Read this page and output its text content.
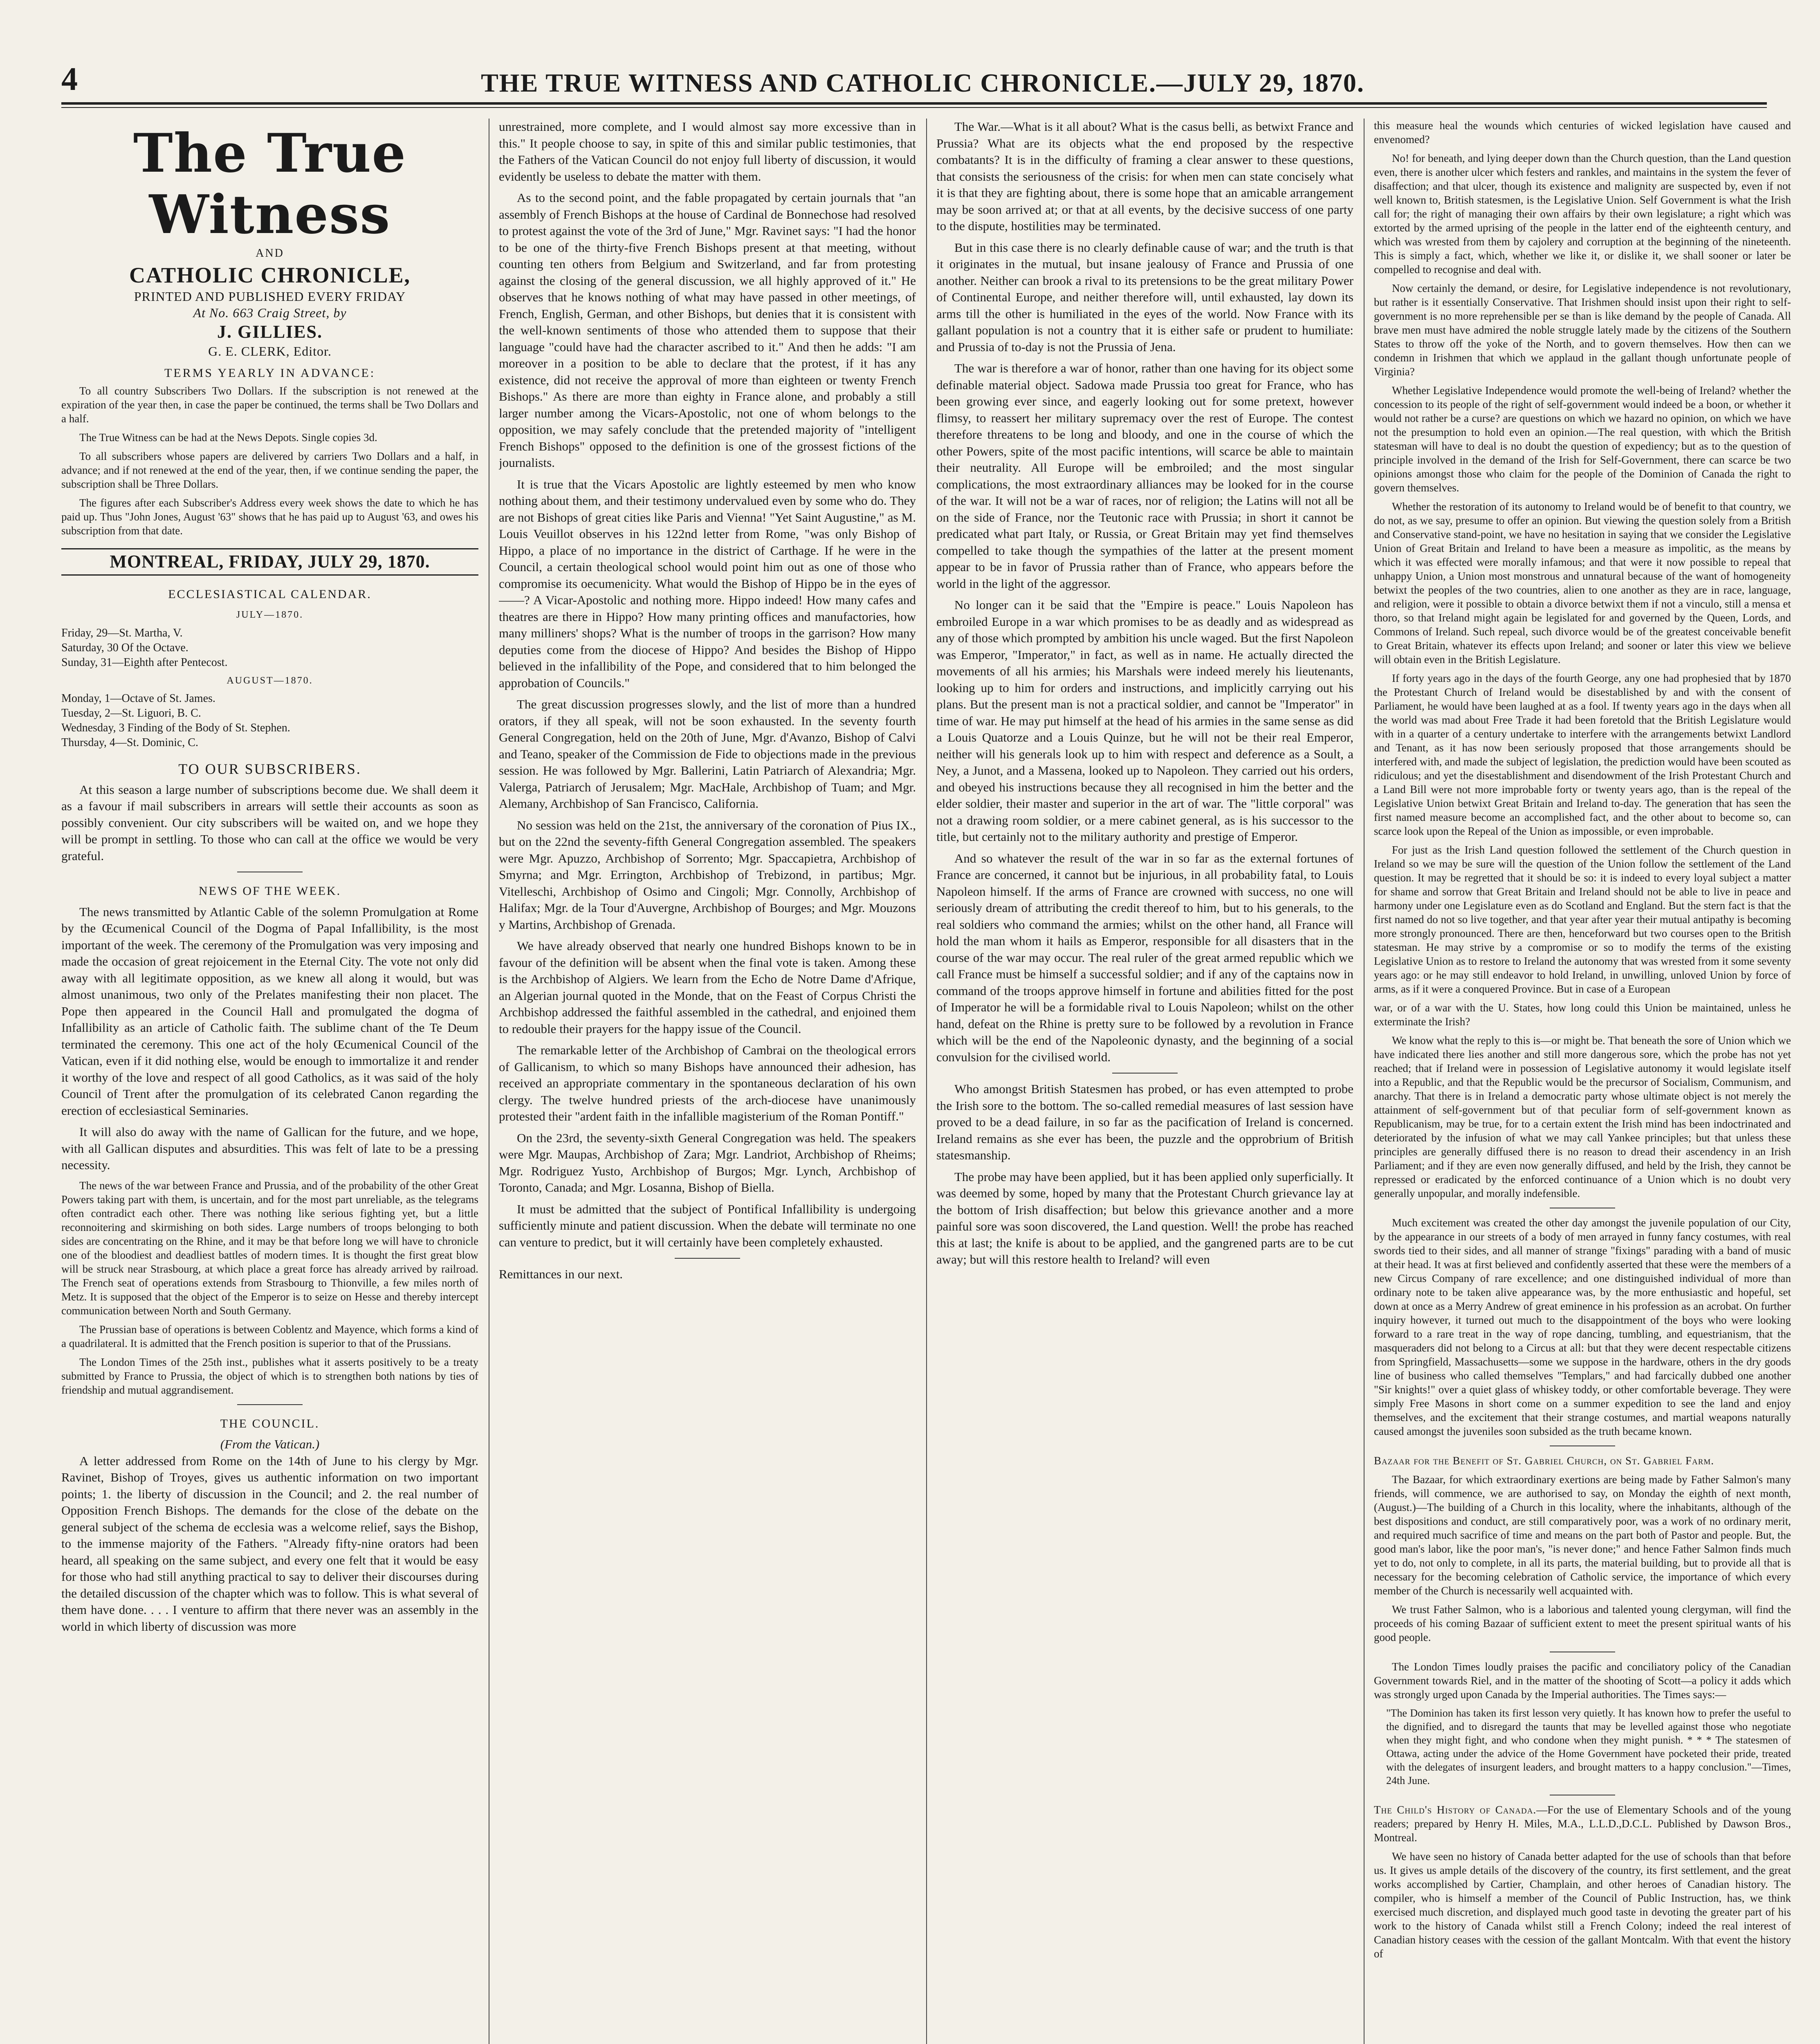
4	THE TRUE WITNESS AND CATHOLIC CHRONICLE.—JULY 29, 1870.
The True Witness
AND
CATHOLIC CHRONICLE,
PRINTED AND PUBLISHED EVERY FRIDAY
At No. 663 Craig Street, by
J. GILLIES.
G. E. CLERK, Editor.
TERMS YEARLY IN ADVANCE:

To all country Subscribers Two Dollars. If the subscription is not renewed at the expiration of the year then, in case the paper be continued, the terms shall be Two Dollars and a half.

The True Witness can be had at the News Depots. Single copies 3d.

To all subscribers whose papers are delivered by carriers Two Dollars and a half, in advance; and if not renewed at the end of the year, then, if we continue sending the paper, the subscription shall be Three Dollars.

The figures after each Subscriber's Address every week shows the date to which he has paid up. Thus "John Jones, August '63" shows that he has paid up to August '63, and owes his subscription from that date.

MONTREAL, FRIDAY, JULY 29, 1870.
ECCLESIASTICAL CALENDAR.
JULY—1870.

Friday, 29—St. Martha, V.

Saturday, 30 Of the Octave.

Sunday, 31—Eighth after Pentecost.

AUGUST—1870.

Monday, 1—Octave of St. James.

Tuesday, 2—St. Liguori, B. C.

Wednesday, 3 Finding of the Body of St. Stephen.

Thursday, 4—St. Dominic, C.

TO OUR SUBSCRIBERS.

At this season a large number of subscriptions become due. We shall deem it as a favour if mail subscribers in arrears will settle their accounts as soon as possibly convenient. Our city subscribers will be waited on, and we hope they will be prompt in settling. To those who can call at the office we would be very grateful.

NEWS OF THE WEEK.

The news transmitted by Atlantic Cable of the solemn Promulgation at Rome by the Œcumenical Council of the Dogma of Papal Infallibility, is the most important of the week. The ceremony of the Promulgation was very imposing and made the occasion of great rejoicement in the Eternal City. The vote not only did away with all legitimate opposition, as we knew all along it would, but was almost unanimous, two only of the Prelates manifesting their non placet. The Pope then appeared in the Council Hall and promulgated the dogma of Infallibility as an article of Catholic faith. The sublime chant of the Te Deum terminated the ceremony. This one act of the holy Œcumenical Council of the Vatican, even if it did nothing else, would be enough to immortalize it and render it worthy of the love and respect of all good Catholics, as it was said of the holy Council of Trent after the promulgation of its celebrated Canon regarding the erection of ecclesiastical Seminaries.

It will also do away with the name of Gallican for the future, and we hope, with all Gallican disputes and absurdities. This was felt of late to be a pressing necessity.

The news of the war between France and Prussia, and of the probability of the other Great Powers taking part with them, is uncertain, and for the most part unreliable, as the telegrams often contradict each other. There was nothing like serious fighting yet, but a little reconnoitering and skirmishing on both sides. Large numbers of troops belonging to both sides are concentrating on the Rhine, and it may be that before long we will have to chronicle one of the bloodiest and deadliest battles of modern times. It is thought the first great blow will be struck near Strasbourg, at which place a great force has already arrived by railroad. The French seat of operations extends from Strasbourg to Thionville, a few miles north of Metz. It is supposed that the object of the Emperor is to seize on Hesse and thereby intercept communication between North and South Germany.

The Prussian base of operations is between Coblentz and Mayence, which forms a kind of a quadrilateral. It is admitted that the French position is superior to that of the Prussians.

The London Times of the 25th inst., publishes what it asserts positively to be a treaty submitted by France to Prussia, the object of which is to strengthen both nations by ties of friendship and mutual aggrandisement.

THE COUNCIL.
(From the Vatican.)

A letter addressed from Rome on the 14th of June to his clergy by Mgr. Ravinet, Bishop of Troyes, gives us authentic information on two important points; 1. the liberty of discussion in the Council; and 2. the real number of Opposition French Bishops. The demands for the close of the debate on the general subject of the schema de ecclesia was a welcome relief, says the Bishop, to the immense majority of the Fathers. "Already fifty-nine orators had been heard, all speaking on the same subject, and every one felt that it would be easy for those who had still anything practical to say to deliver their discourses during the detailed discussion of the chapter which was to follow. This is what several of them have done. . . . I venture to affirm that there never was an assembly in the world in which liberty of discussion was more

unrestrained, more complete, and I would almost say more excessive than in this." It people choose to say, in spite of this and similar public testimonies, that the Fathers of the Vatican Council do not enjoy full liberty of discussion, it would evidently be useless to debate the matter with them.

As to the second point, and the fable propagated by certain journals that "an assembly of French Bishops at the house of Cardinal de Bonnechose had resolved to protest against the vote of the 3rd of June," Mgr. Ravinet says: "I had the honor to be one of the thirty-five French Bishops present at that meeting, without counting ten others from Belgium and Switzerland, and far from protesting against the closing of the general discussion, we all highly approved of it." He observes that he knows nothing of what may have passed in other meetings, of French, English, German, and other Bishops, but denies that it is consistent with the well-known sentiments of those who attended them to suppose that their language "could have had the character ascribed to it." And then he adds: "I am moreover in a position to be able to declare that the protest, if it has any existence, did not receive the approval of more than eighteen or twenty French Bishops." As there are more than eighty in France alone, and probably a still larger number among the Vicars-Apostolic, not one of whom belongs to the opposition, we may safely conclude that the pretended majority of "intelligent French Bishops" opposed to the definition is one of the grossest fictions of the journalists.

It is true that the Vicars Apostolic are lightly esteemed by men who know nothing about them, and their testimony undervalued even by some who do. They are not Bishops of great cities like Paris and Vienna! "Yet Saint Augustine," as M. Louis Veuillot observes in his 122nd letter from Rome, "was only Bishop of Hippo, a place of no importance in the district of Carthage. If he were in the Council, a certain theological school would point him out as one of those who compromise its oecumenicity. What would the Bishop of Hippo be in the eyes of ——? A Vicar-Apostolic and nothing more. Hippo indeed! How many cafes and theatres are there in Hippo? How many printing offices and manufactories, how many milliners' shops? What is the number of troops in the garrison? How many deputies come from the diocese of Hippo? And besides the Bishop of Hippo believed in the infallibility of the Pope, and considered that to him belonged the approbation of Councils."

The great discussion progresses slowly, and the list of more than a hundred orators, if they all speak, will not be soon exhausted. In the seventy fourth General Congregation, held on the 20th of June, Mgr. d'Avanzo, Bishop of Calvi and Teano, speaker of the Commission de Fide to objections made in the previous session. He was followed by Mgr. Ballerini, Latin Patriarch of Alexandria; Mgr. Valerga, Patriarch of Jerusalem; Mgr. MacHale, Archbishop of Tuam; and Mgr. Alemany, Archbishop of San Francisco, California.

No session was held on the 21st, the anniversary of the coronation of Pius IX., but on the 22nd the seventy-fifth General Congregation assembled. The speakers were Mgr. Apuzzo, Archbishop of Sorrento; Mgr. Spaccapietra, Archbishop of Smyrna; and Mgr. Errington, Archbishop of Trebizond, in partibus; Mgr. Vitelleschi, Archbishop of Osimo and Cingoli; Mgr. Connolly, Archbishop of Halifax; Mgr. de la Tour d'Auvergne, Archbishop of Bourges; and Mgr. Mouzons y Martins, Archbishop of Grenada.

We have already observed that nearly one hundred Bishops known to be in favour of the definition will be absent when the final vote is taken. Among these is the Archbishop of Algiers. We learn from the Echo de Notre Dame d'Afrique, an Algerian journal quoted in the Monde, that on the Feast of Corpus Christi the Archbishop addressed the faithful assembled in the cathedral, and enjoined them to redouble their prayers for the happy issue of the Council.

The remarkable letter of the Archbishop of Cambrai on the theological errors of Gallicanism, to which so many Bishops have announced their adhesion, has received an appropriate commentary in the spontaneous declaration of his own clergy. The twelve hundred priests of the arch-diocese have unanimously protested their "ardent faith in the infallible magisterium of the Roman Pontiff."

On the 23rd, the seventy-sixth General Congregation was held. The speakers were Mgr. Maupas, Archbishop of Zara; Mgr. Landriot, Archbishop of Rheims; Mgr. Rodriguez Yusto, Archbishop of Burgos; Mgr. Lynch, Archbishop of Toronto, Canada; and Mgr. Losanna, Bishop of Biella.

It must be admitted that the subject of Pontifical Infallibility is undergoing sufficiently minute and patient discussion. When the debate will terminate no one can venture to predict, but it will certainly have been completely exhausted.

Remittances in our next.

The War.—What is it all about? What is the casus belli, as betwixt France and Prussia? What are its objects what the end proposed by the respective combatants? It is in the difficulty of framing a clear answer to these questions, that consists the seriousness of the crisis: for when men can state concisely what it is that they are fighting about, there is some hope that an amicable arrangement may be soon arrived at; or that at all events, by the decisive success of one party to the dispute, hostilities may be terminated.

But in this case there is no clearly definable cause of war; and the truth is that it originates in the mutual, but insane jealousy of France and Prussia of one another. Neither can brook a rival to its pretensions to be the great military Power of Continental Europe, and neither therefore will, until exhausted, lay down its arms till the other is humiliated in the eyes of the world. Now France with its gallant population is not a country that it is either safe or prudent to humiliate: and Prussia of to-day is not the Prussia of Jena.

The war is therefore a war of honor, rather than one having for its object some definable material object. Sadowa made Prussia too great for France, who has been growing ever since, and eagerly looking out for some pretext, however flimsy, to reassert her military supremacy over the rest of Europe. The contest therefore threatens to be long and bloody, and one in the course of which the other Powers, spite of the most pacific intentions, will scarce be able to maintain their neutrality. All Europe will be embroiled; and the most singular complications, the most extraordinary alliances may be looked for in the course of the war. It will not be a war of races, nor of religion; the Latins will not all be on the side of France, nor the Teutonic race with Prussia; in short it cannot be predicated what part Italy, or Russia, or Great Britain may yet find themselves compelled to take though the sympathies of the latter at the present moment appear to be in favor of Prussia rather than of France, who appears before the world in the light of the aggressor.

No longer can it be said that the "Empire is peace." Louis Napoleon has embroiled Europe in a war which promises to be as deadly and as widespread as any of those which prompted by ambition his uncle waged. But the first Napoleon was Emperor, "Imperator," in fact, as well as in name. He actually directed the movements of all his armies; his Marshals were indeed merely his lieutenants, looking up to him for orders and instructions, and implicitly carrying out his plans. But the present man is not a practical soldier, and cannot be "Imperator" in time of war. He may put himself at the head of his armies in the same sense as did a Louis Quatorze and a Louis Quinze, but he will not be their real Emperor, neither will his generals look up to him with respect and deference as a Soult, a Ney, a Junot, and a Massena, looked up to Napoleon. They carried out his orders, and obeyed his instructions because they all recognised in him the better and the elder soldier, their master and superior in the art of war. The "little corporal" was not a drawing room soldier, or a mere cabinet general, as is his successor to the title, but certainly not to the military authority and prestige of Emperor.

And so whatever the result of the war in so far as the external fortunes of France are concerned, it cannot but be injurious, in all probability fatal, to Louis Napoleon himself. If the arms of France are crowned with success, no one will seriously dream of attributing the credit thereof to him, but to his generals, to the real soldiers who command the armies; whilst on the other hand, all France will hold the man whom it hails as Emperor, responsible for all disasters that in the course of the war may occur. The real ruler of the great armed republic which we call France must be himself a successful soldier; and if any of the captains now in command of the troops approve himself in fortune and abilities fitted for the post of Imperator he will be a formidable rival to Louis Napoleon; whilst on the other hand, defeat on the Rhine is pretty sure to be followed by a revolution in France which will be the end of the Napoleonic dynasty, and the beginning of a social convulsion for the civilised world.

Who amongst British Statesmen has probed, or has even attempted to probe the Irish sore to the bottom. The so-called remedial measures of last session have proved to be a dead failure, in so far as the pacification of Ireland is concerned. Ireland remains as she ever has been, the puzzle and the opprobrium of British statesmanship.

The probe may have been applied, but it has been applied only superficially. It was deemed by some, hoped by many that the Protestant Church grievance lay at the bottom of Irish disaffection; but below this grievance another and a more painful sore was soon discovered, the Land question. Well! the probe has reached this at last; the knife is about to be applied, and the gangrened parts are to be cut away; but will this restore health to Ireland? will even

this measure heal the wounds which centuries of wicked legislation have caused and envenomed?

No! for beneath, and lying deeper down than the Church question, than the Land question even, there is another ulcer which festers and rankles, and maintains in the system the fever of disaffection; and that ulcer, though its existence and malignity are suspected by, even if not well known to, British statesmen, is the Legislative Union. Self Government is what the Irish call for; the right of managing their own affairs by their own legislature; a right which was extorted by the armed uprising of the people in the latter end of the eighteenth century, and which was wrested from them by cajolery and corruption at the beginning of the nineteenth. This is simply a fact, which, whether we like it, or dislike it, we shall sooner or later be compelled to recognise and deal with.

Now certainly the demand, or desire, for Legislative independence is not revolutionary, but rather is it essentially Conservative. That Irishmen should insist upon their right to self-government is no more reprehensible per se than is like demand by the people of Canada. All brave men must have admired the noble struggle lately made by the citizens of the Southern States to throw off the yoke of the North, and to govern themselves. How then can we condemn in Irishmen that which we applaud in the gallant though unfortunate people of Virginia?

Whether Legislative Independence would promote the well-being of Ireland? whether the concession to its people of the right of self-government would indeed be a boon, or whether it would not rather be a curse? are questions on which we hazard no opinion, on which we have not the presumption to hold even an opinion.—The real question, with which the British statesman will have to deal is no doubt the question of expediency; but as to the question of principle involved in the demand of the Irish for Self-Government, there can scarce be two opinions amongst those who claim for the people of the Dominion of Canada the right to govern themselves.

Whether the restoration of its autonomy to Ireland would be of benefit to that country, we do not, as we say, presume to offer an opinion. But viewing the question solely from a British and Conservative stand-point, we have no hesitation in saying that we consider the Legislative Union of Great Britain and Ireland to have been a measure as impolitic, as the means by which it was effected were morally infamous; and that were it now possible to repeal that unhappy Union, a Union most monstrous and unnatural because of the want of homogeneity betwixt the peoples of the two countries, alien to one another as they are in race, language, and religion, were it possible to obtain a divorce betwixt them if not a vinculo, still a mensa et thoro, so that Ireland might again be legislated for and governed by the Queen, Lords, and Commons of Ireland. Such repeal, such divorce would be of the greatest conceivable benefit to Great Britain, whatever its effects upon Ireland; and sooner or later this view we believe will obtain even in the British Legislature.

If forty years ago in the days of the fourth George, any one had prophesied that by 1870 the Protestant Church of Ireland would be disestablished by and with the consent of Parliament, he would have been laughed at as a fool. If twenty years ago in the days when all the world was mad about Free Trade it had been foretold that the British Legislature would with in a quarter of a century undertake to interfere with the arrangements betwixt Landlord and Tenant, as it has now been seriously proposed that those arrangements should be interfered with, and made the subject of legislation, the prediction would have been scouted as ridiculous; and yet the disestablishment and disendowment of the Irish Protestant Church and a Land Bill were not more improbable forty or twenty years ago, than is the repeal of the Legislative Union betwixt Great Britain and Ireland to-day. The generation that has seen the first named measure become an accomplished fact, and the other about to become so, can scarce look upon the Repeal of the Union as impossible, or even improbable.

For just as the Irish Land question followed the settlement of the Church question in Ireland so we may be sure will the question of the Union follow the settlement of the Land question. It may be regretted that it should be so: it is indeed to every loyal subject a matter for shame and sorrow that Great Britain and Ireland should not be able to live in peace and harmony under one Legislature even as do Scotland and England. But the stern fact is that the first named do not so live together, and that year after year their mutual antipathy is becoming more strongly pronounced. There are then, henceforward but two courses open to the British statesman. He may strive by a compromise or so to modify the terms of the existing Legislative Union as to restore to Ireland the autonomy that was wrested from it some seventy years ago: or he may still endeavor to hold Ireland, in unwilling, unloved Union by force of arms, as if it were a conquered Province. But in case of a European

war, or of a war with the U. States, how long could this Union be maintained, unless he exterminate the Irish?

We know what the reply to this is—or might be. That beneath the sore of Union which we have indicated there lies another and still more dangerous sore, which the probe has not yet reached; that if Ireland were in possession of Legislative autonomy it would legislate itself into a Republic, and that the Republic would be the precursor of Socialism, Communism, and anarchy. That there is in Ireland a democratic party whose ultimate object is not merely the attainment of self-government but of that peculiar form of self-government known as Republicanism, may be true, for to a certain extent the Irish mind has been indoctrinated and deteriorated by the infusion of what we may call Yankee principles; but that unless these principles are generally diffused there is no reason to dread their ascendency in an Irish Parliament; and if they are even now generally diffused, and held by the Irish, they cannot be repressed or eradicated by the enforced continuance of a Union which is no doubt very generally unpopular, and morally indefensible.

Much excitement was created the other day amongst the juvenile population of our City, by the appearance in our streets of a body of men arrayed in funny fancy costumes, with real swords tied to their sides, and all manner of strange "fixings" parading with a band of music at their head. It was at first believed and confidently asserted that these were the members of a new Circus Company of rare excellence; and one distinguished individual of more than ordinary note to be taken alive appearance was, by the more enthusiastic and hopeful, set down at once as a Merry Andrew of great eminence in his profession as an acrobat. On further inquiry however, it turned out much to the disappointment of the boys who were looking forward to a rare treat in the way of rope dancing, tumbling, and equestrianism, that the masqueraders did not belong to a Circus at all: but that they were decent respectable citizens from Springfield, Massachusetts—some we suppose in the hardware, others in the dry goods line of business who called themselves "Templars," and had farcically dubbed one another "Sir knights!" over a quiet glass of whiskey toddy, or other comfortable beverage. They were simply Free Masons in short come on a summer expedition to see the land and enjoy themselves, and the excitement that their strange costumes, and martial weapons naturally caused amongst the juveniles soon subsided as the truth became known.

Bazaar for the Benefit of St. Gabriel Church, on St. Gabriel Farm.

The Bazaar, for which extraordinary exertions are being made by Father Salmon's many friends, will commence, we are authorised to say, on Monday the eighth of next month, (August.)—The building of a Church in this locality, where the inhabitants, although of the best dispositions and conduct, are still comparatively poor, was a work of no ordinary merit, and required much sacrifice of time and means on the part both of Pastor and people. But, the good man's labor, like the poor man's, "is never done;" and hence Father Salmon finds much yet to do, not only to complete, in all its parts, the material building, but to provide all that is necessary for the becoming celebration of Catholic service, the importance of which every member of the Church is necessarily well acquainted with.

We trust Father Salmon, who is a laborious and talented young clergyman, will find the proceeds of his coming Bazaar of sufficient extent to meet the present spiritual wants of his good people.

The London Times loudly praises the pacific and conciliatory policy of the Canadian Government towards Riel, and in the matter of the shooting of Scott—a policy it adds which was strongly urged upon Canada by the Imperial authorities. The Times says:—

"The Dominion has taken its first lesson very quietly. It has known how to prefer the useful to the dignified, and to disregard the taunts that may be levelled against those who negotiate when they might fight, and who condone when they might punish. * * * The statesmen of Ottawa, acting under the advice of the Home Government have pocketed their pride, treated with the delegates of insurgent leaders, and brought matters to a happy conclusion."—Times, 24th June.

The Child's History of Canada.—For the use of Elementary Schools and of the young readers; prepared by Henry H. Miles, M.A., L.L.D.,D.C.L. Published by Dawson Bros., Montreal.

We have seen no history of Canada better adapted for the use of schools than that before us. It gives us ample details of the discovery of the country, its first settlement, and the great works accomplished by Cartier, Champlain, and other heroes of Canadian history. The compiler, who is himself a member of the Council of Public Instruction, has, we think exercised much discretion, and displayed much good taste in devoting the greater part of his work to the history of Canada whilst still a French Colony; indeed the real interest of Canadian history ceases with the cession of the gallant Montcalm. With that event the history of
